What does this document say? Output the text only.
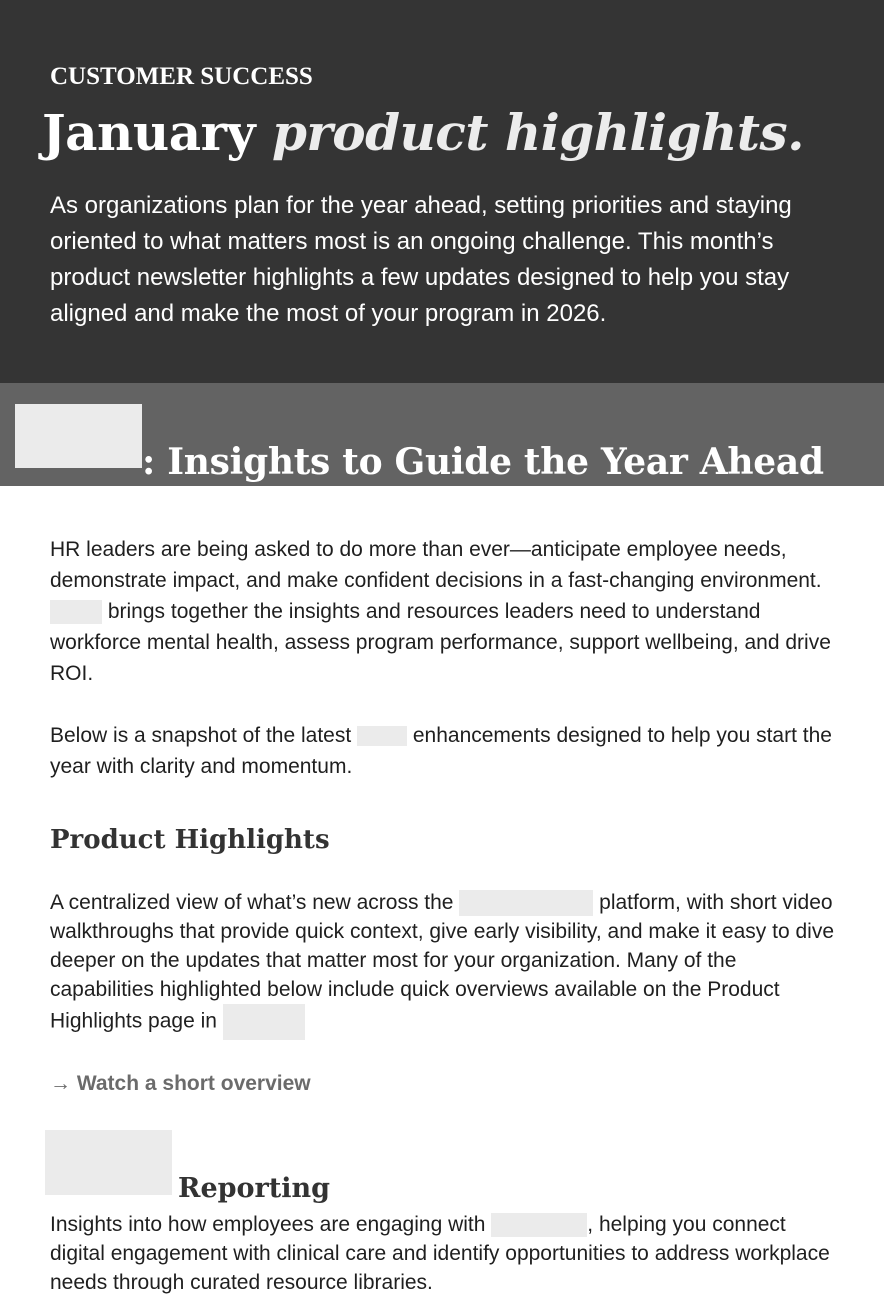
CUSTOMER SUCCESS

January product highlights.

As organizations plan for the year ahead, setting priorities and staying oriented to what matters most is an ongoing challenge. This month’s product newsletter highlights a few updates designed to help you stay aligned and make the most of your program in 2026.

: Insights to Guide the Year Ahead

HR leaders are being asked to do more than ever—anticipate employee needs, demonstrate impact, and make confident decisions in a fast-changing environment.  brings together the insights and resources leaders need to understand workforce mental health, assess program performance, support wellbeing, and drive ROI.

Below is a snapshot of the latest  enhancements designed to help you start the year with clarity and momentum.

Product Highlights

A centralized view of what’s new across the	platform, with short video walkthroughs that provide quick context, give early visibility, and make it easy to dive deeper on the updates that matter most for your organization. Many of the capabilities highlighted below include quick overviews available on the Product Highlights page in

→ Watch a short overview
Reporting

Insights into how employees are engaging with	, helping you connect digital engagement with clinical care and identify opportunities to address workplace needs through curated resource libraries.
